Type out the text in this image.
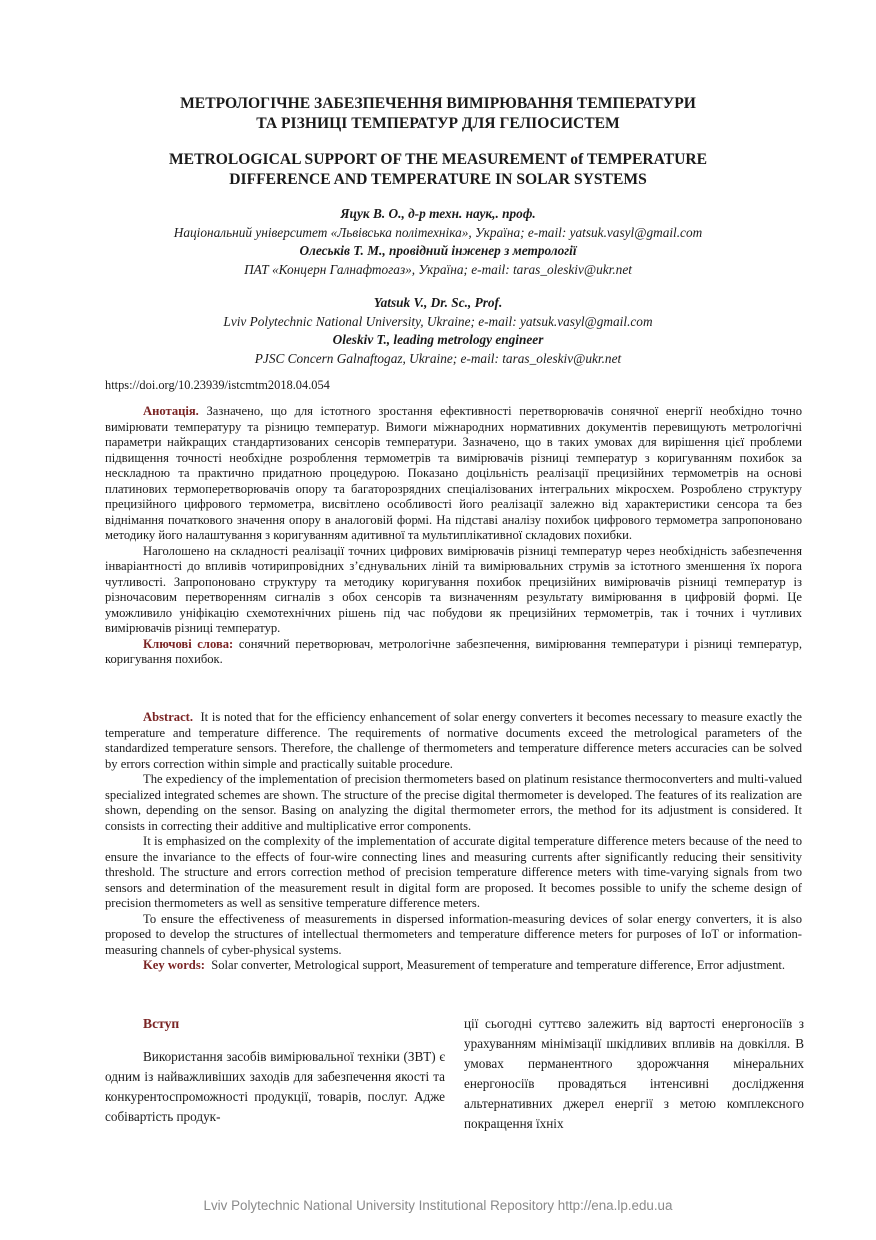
МЕТРОЛОГІЧНЕ ЗАБЕЗПЕЧЕННЯ ВИМІРЮВАННЯ ТЕМПЕРАТУРИ
ТА РІЗНИЦІ ТЕМПЕРАТУР ДЛЯ ГЕЛІОСИСТЕМ
METROLOGICAL SUPPORT OF THE MEASUREMENT of TEMPERATURE
DIFFERENCE AND TEMPERATURE IN SOLAR SYSTEMS
Яцук В. О., д-р техн. наук,. проф.
Національний університет «Львівська політехніка», Україна; e-mail: yatsuk.vasyl@gmail.com
Олеськів Т. М., провідний інженер з метрології
ПАТ «Концерн Галнафтогаз», Україна; e-mail: taras_oleskiv@ukr.net
Yatsuk V., Dr. Sc., Prof.
Lviv Polytechnic National University, Ukraine; e-mail: yatsuk.vasyl@gmail.com
Oleskiv T., leading metrology engineer
PJSC Concern Galnaftogaz, Ukraine; e-mail: taras_oleskiv@ukr.net
https://doi.org/10.23939/istcmtm2018.04.054

Анотація. Зазначено, що для істотного зростання ефективності перетворювачів сонячної енергії необхідно точно вимірювати температуру та різницю температур. Вимоги міжнародних нормативних документів перевищують метрологічні параметри найкращих стандартизованих сенсорів температури. Зазначено, що в таких умовах для вирішення цієї проблеми підвищення точності необхідне розроблення термометрів та вимірювачів різниці температур з коригуванням похибок за нескладною та практично придатною процедурою. Показано доцільність реалізації прецизійних термометрів на основі платинових термоперетворювачів опору та багаторозрядних спеціалізованих інтегральних мікросхем. Розроблено структуру прецизійного цифрового термометра, висвітлено особливості його реалізації залежно від характеристики сенсора та без віднімання початкового значення опору в аналоговій формі. На підставі аналізу похибок цифрового термометра запропоновано методику його налаштування з коригуванням адитивної та мультиплікативної складових похибки.

Наголошено на складності реалізації точних цифрових вимірювачів різниці температур через необхідність забезпечення інваріантності до впливів чотирипровідних з’єднувальних ліній та вимірювальних струмів за істотного зменшення їх порога чутливості. Запропоновано структуру та методику коригування похибок прецизійних вимірювачів різниці температур із різночасовим перетворенням сигналів з обох сенсорів та визначенням результату вимірювання в цифровій формі. Це уможливило уніфікацію схемотехнічних рішень під час побудови як прецизійних термометрів, так і точних і чутливих вимірювачів різниці температур.

Ключові слова: сонячний перетворювач, метрологічне забезпечення, вимірювання температури і різниці температур, коригування похибок.

Abstract. It is noted that for the efficiency enhancement of solar energy converters it becomes necessary to measure exactly the temperature and temperature difference. The requirements of normative documents exceed the metrological parameters of the standardized temperature sensors. Therefore, the challenge of thermometers and temperature difference meters accuracies can be solved by errors correction within simple and practically suitable procedure.

The expediency of the implementation of precision thermometers based on platinum resistance thermoconverters and multi-valued specialized integrated schemes are shown. The structure of the precise digital thermometer is developed. The features of its realization are shown, depending on the sensor. Basing on analyzing the digital thermometer errors, the method for its adjustment is considered. It consists in correcting their additive and multiplicative error components.

It is emphasized on the complexity of the implementation of accurate digital temperature difference meters because of the need to ensure the invariance to the effects of four-wire connecting lines and measuring currents after significantly reducing their sensitivity threshold. The structure and errors correction method of precision temperature difference meters with time-varying signals from two sensors and determination of the measurement result in digital form are proposed. It becomes possible to unify the scheme design of precision thermometers as well as sensitive temperature difference meters.

To ensure the effectiveness of measurements in dispersed information-measuring devices of solar energy converters, it is also proposed to develop the structures of intellectual thermometers and temperature difference meters for purposes of IoT or information-measuring channels of cyber-physical systems.

Key words: Solar converter, Metrological support, Measurement of temperature and temperature difference, Error adjustment.

Вступ

Використання засобів вимірювальної техніки (ЗВТ) є одним із найважливіших заходів для забезпечення якості та конкурентоспроможності продукції, товарів, послуг. Адже собівартість продук-

ції сьогодні суттєво залежить від вартості енергоносіїв з урахуванням мінімізації шкідливих впливів на довкілля. В умовах перманентного здорожчання мінеральних енергоносіїв провадяться інтенсивні дослідження альтернативних джерел енергії з метою комплексного покращення їхніх

Lviv Polytechnic National University Institutional Repository http://ena.lp.edu.ua
